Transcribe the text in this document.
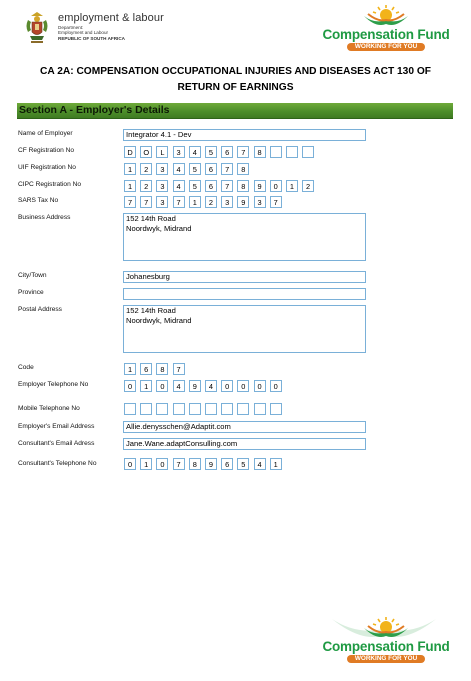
employment & labour
Department:
Employment and Labour
REPUBLIC OF SOUTH AFRICA	Compensation Fund
WORKING FOR YOU
CA 2A: COMPENSATION OCCUPATIONAL INJURIES AND DISEASES ACT 130 OF
RETURN OF EARNINGS
Section A - Employer's Details
Name of Employer	Integrator 4.1 - Dev
CF Registration No	D	O	L	3	4	5	6	7	8
UIF Registration No	1	2	3	4	5	6	7	8
CIPC Registration No	1	2	3	4	5	6	7	8	9	0	1	2
SARS Tax No	7	7	3	7	1	2	3	9	3	7
Business Address	152 14th Road
Noordwyk, Midrand
City/Town	Johanesburg
Province
Postal Address	152 14th Road
Noordwyk, Midrand
Code	1	6	8	7
Employer Telephone No	0	1	0	4	9	4	0	0	0	0
Mobile Telephone No
Employer's Email Address	Allie.denysschen@Adaptit.com
Consultant's Email Adress	Jane.Wane.adaptConsulling.com
Consultant's Telephone No	0	1	0	7	8	9	6	5	4	1
Compensation Fund
WORKING FOR YOU
